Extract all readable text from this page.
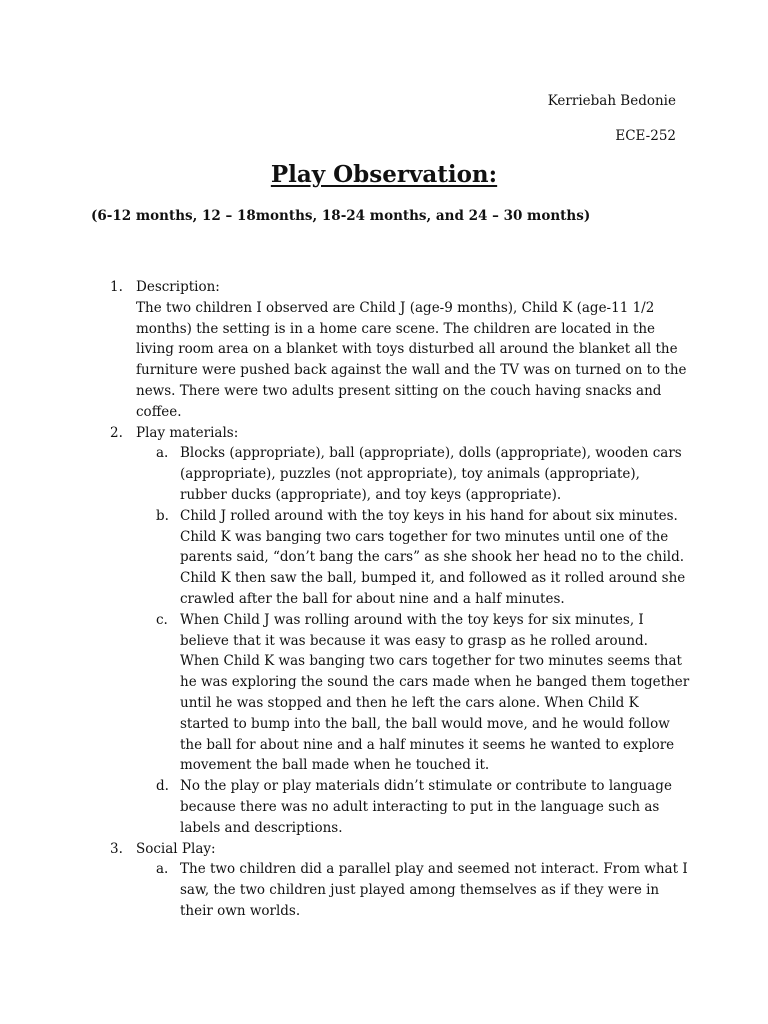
Kerriebah Bedonie
ECE-252
Play Observation:
(6-12 months, 12 – 18months, 18-24 months, and 24 – 30 months)
1. Description:
The two children I observed are Child J (age-9 months), Child K (age-11 1/2 months) the setting is in a home care scene. The children are located in the living room area on a blanket with toys disturbed all around the blanket all the furniture were pushed back against the wall and the TV was on turned on to the news. There were two adults present sitting on the couch having snacks and coffee.
2. Play materials:
a. Blocks (appropriate), ball (appropriate), dolls (appropriate), wooden cars (appropriate), puzzles (not appropriate), toy animals (appropriate), rubber ducks (appropriate), and toy keys (appropriate).
b. Child J rolled around with the toy keys in his hand for about six minutes. Child K was banging two cars together for two minutes until one of the parents said, “don’t bang the cars” as she shook her head no to the child. Child K then saw the ball, bumped it, and followed as it rolled around she crawled after the ball for about nine and a half minutes.
c. When Child J was rolling around with the toy keys for six minutes, I believe that it was because it was easy to grasp as he rolled around. When Child K was banging two cars together for two minutes seems that he was exploring the sound the cars made when he banged them together until he was stopped and then he left the cars alone. When Child K started to bump into the ball, the ball would move, and he would follow the ball for about nine and a half minutes it seems he wanted to explore movement the ball made when he touched it.
d. No the play or play materials didn’t stimulate or contribute to language because there was no adult interacting to put in the language such as labels and descriptions.
3. Social Play:
a. The two children did a parallel play and seemed not interact. From what I saw, the two children just played among themselves as if they were in their own worlds.
